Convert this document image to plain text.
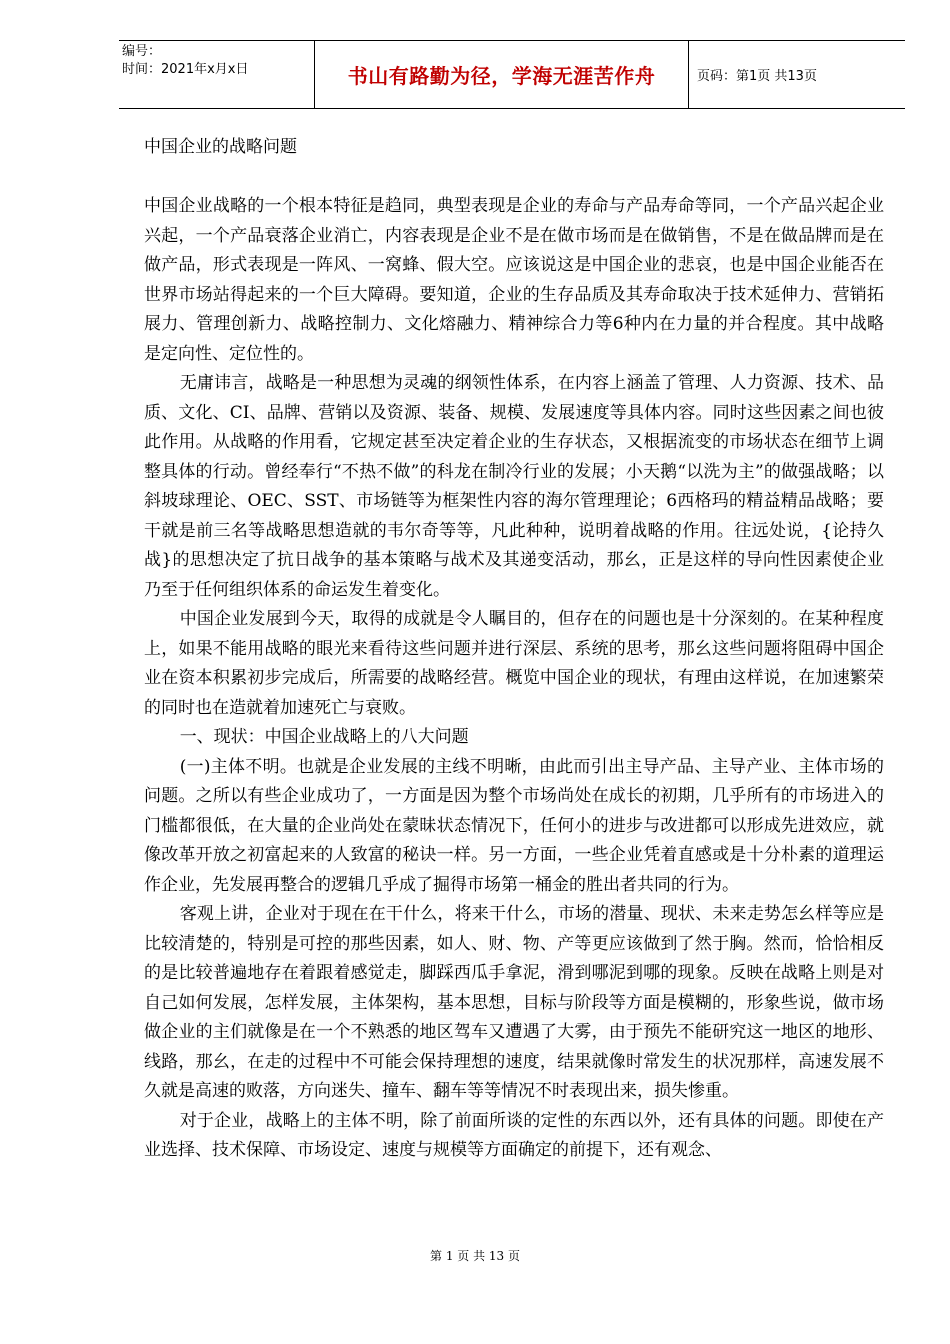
编号：
时间：2021年x月x日	书山有路勤为径，学海无涯苦作舟	页码：第1页 共13页
中国企业的战略问题

中国企业战略的一个根本特征是趋同，典型表现是企业的寿命与产品寿命等同，一个产品兴起企业兴起，一个产品衰落企业消亡，内容表现是企业不是在做市场而是在做销售，不是在做品牌而是在做产品，形式表现是一阵风、一窝蜂、假大空。应该说这是中国企业的悲哀，也是中国企业能否在世界市场站得起来的一个巨大障碍。要知道，企业的生存品质及其寿命取决于技术延伸力、营销拓展力、管理创新力、战略控制力、文化熔融力、精神综合力等6种内在力量的并合程度。其中战略是定向性、定位性的。

无庸讳言，战略是一种思想为灵魂的纲领性体系，在内容上涵盖了管理、人力资源、技术、品质、文化、CI、品牌、营销以及资源、装备、规模、发展速度等具体内容。同时这些因素之间也彼此作用。从战略的作用看，它规定甚至决定着企业的生存状态，又根据流变的市场状态在细节上调整具体的行动。曾经奉行“不热不做”的科龙在制冷行业的发展；小天鹅“以洗为主”的做强战略；以斜坡球理论、OEC、SST、市场链等为框架性内容的海尔管理理论；6西格玛的精益精品战略；要干就是前三名等战略思想造就的韦尔奇等等，凡此种种，说明着战略的作用。往远处说，{论持久战}的思想决定了抗日战争的基本策略与战术及其递变活动，那幺，正是这样的导向性因素使企业乃至于任何组织体系的命运发生着变化。

中国企业发展到今天，取得的成就是令人瞩目的，但存在的问题也是十分深刻的。在某种程度上，如果不能用战略的眼光来看待这些问题并进行深层、系统的思考，那幺这些问题将阻碍中国企业在资本积累初步完成后，所需要的战略经营。概览中国企业的现状，有理由这样说，在加速繁荣的同时也在造就着加速死亡与衰败。

一、现状：中国企业战略上的八大问题

(一)主体不明。也就是企业发展的主线不明晰，由此而引出主导产品、主导产业、主体市场的问题。之所以有些企业成功了，一方面是因为整个市场尚处在成长的初期，几乎所有的市场进入的门槛都很低，在大量的企业尚处在蒙昧状态情况下，任何小的进步与改进都可以形成先进效应，就像改革开放之初富起来的人致富的秘诀一样。另一方面，一些企业凭着直感或是十分朴素的道理运作企业，先发展再整合的逻辑几乎成了掘得市场第一桶金的胜出者共同的行为。

客观上讲，企业对于现在在干什么，将来干什么，市场的潜量、现状、未来走势怎幺样等应是比较清楚的，特别是可控的那些因素，如人、财、物、产等更应该做到了然于胸。然而，恰恰相反的是比较普遍地存在着跟着感觉走，脚踩西瓜手拿泥，滑到哪泥到哪的现象。反映在战略上则是对自己如何发展，怎样发展，主体架构，基本思想，目标与阶段等方面是模糊的，形象些说，做市场做企业的主们就像是在一个不熟悉的地区驾车又遭遇了大雾，由于预先不能研究这一地区的地形、线路，那幺，在走的过程中不可能会保持理想的速度，结果就像时常发生的状况那样，高速发展不久就是高速的败落，方向迷失、撞车、翻车等等情况不时表现出来，损失惨重。

对于企业，战略上的主体不明，除了前面所谈的定性的东西以外，还有具体的问题。即使在产业选择、技术保障、市场设定、速度与规模等方面确定的前提下，还有观念、

第 1 页 共 13 页
